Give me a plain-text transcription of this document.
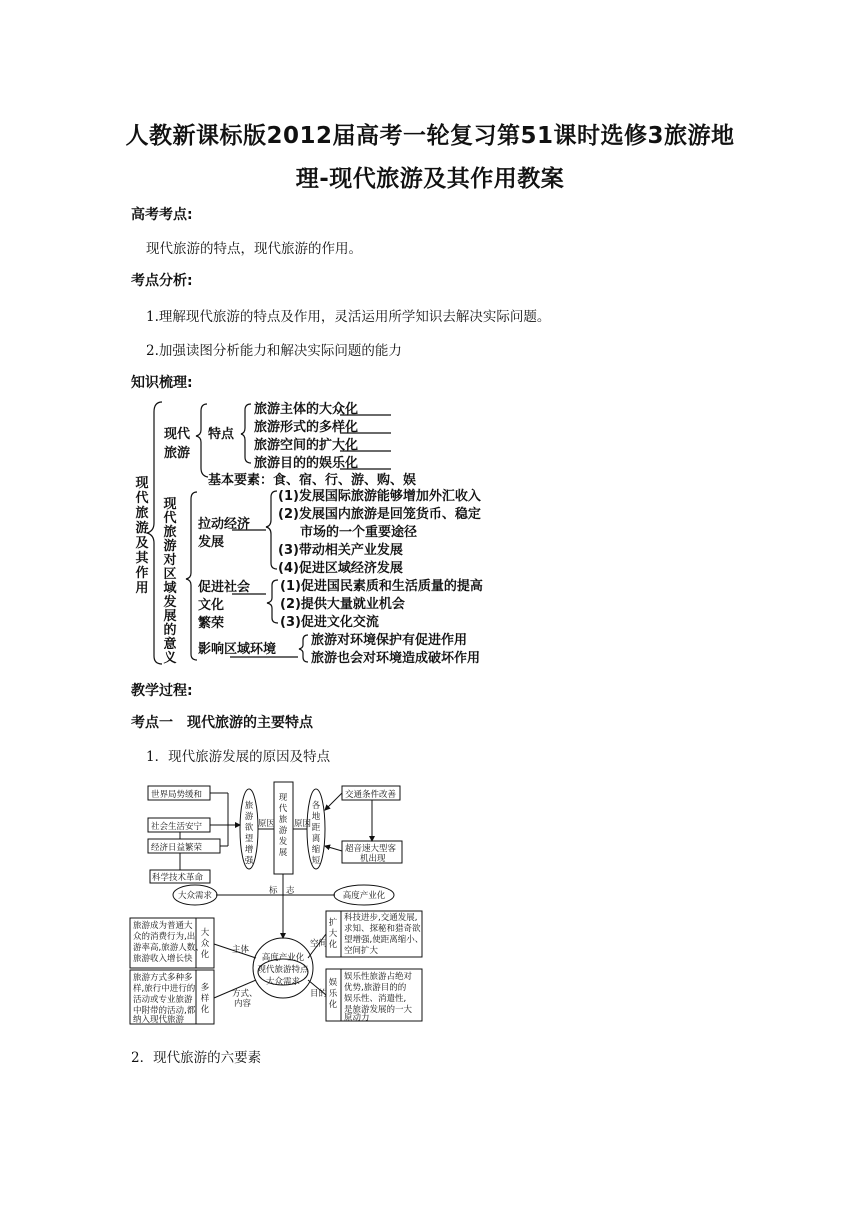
人教新课标版2012届高考一轮复习第51课时选修3旅游地
理-现代旅游及其作用教案
高考考点:
现代旅游的特点，现代旅游的作用。
考点分析:
1.理解现代旅游的特点及作用，灵活运用所学知识去解决实际问题。
2.加强读图分析能力和解决实际问题的能力
知识梳理:
现
代
旅
游
及
其
作
用
现代
旅游
特点
旅游主体的大众化
旅游形式的多样化
旅游空间的扩大化
旅游目的的娱乐化
基本要素：食、宿、行、游、购、娱
现
代
旅
游
对
区
域
发
展
的
意
义
拉动经济
发展
(1)发展国际旅游能够增加外汇收入
(2)发展国内旅游是回笼货币、稳定
市场的一个重要途径
(3)带动相关产业发展
(4)促进区域经济发展
促进社会
文化
繁荣
(1)促进国民素质和生活质量的提高
(2)提供大量就业机会
(3)促进文化交流
影响区域环境
旅游对环境保护有促进作用
旅游也会对环境造成破坏作用
教学过程:
考点一　现代旅游的主要特点
1．现代旅游发展的原因及特点
世界局势缓和
社会生活安宁
经济日益繁荣
科学技术革命
旅
游
欲
望
增
强
原因
现
代
旅
游
发
展
原因
各
地
距
离
缩
短
交通条件改善
超音速大型客
机出现
标　志
大众需求	高度产业化
高度产业化
现代旅游特点
大众需求
主体
空间
方式、
内容
目的
旅游成为普通大
众的消费行为,出
游率高,旅游人数、
旅游收入增长快
大
众
化
旅游方式多种多
样,旅行中进行的
活动或专业旅游
中附带的活动,都
纳入现代旅游
多
样
化
扩
大
化
科技进步,交通发展,
求知、探秘和猎奇欲
望增强,使距离缩小、
空间扩大
娱
乐
化
娱乐性旅游占绝对
优势,旅游目的的
娱乐性、消遣性,
是旅游发展的一大
原动力
2．现代旅游的六要素
